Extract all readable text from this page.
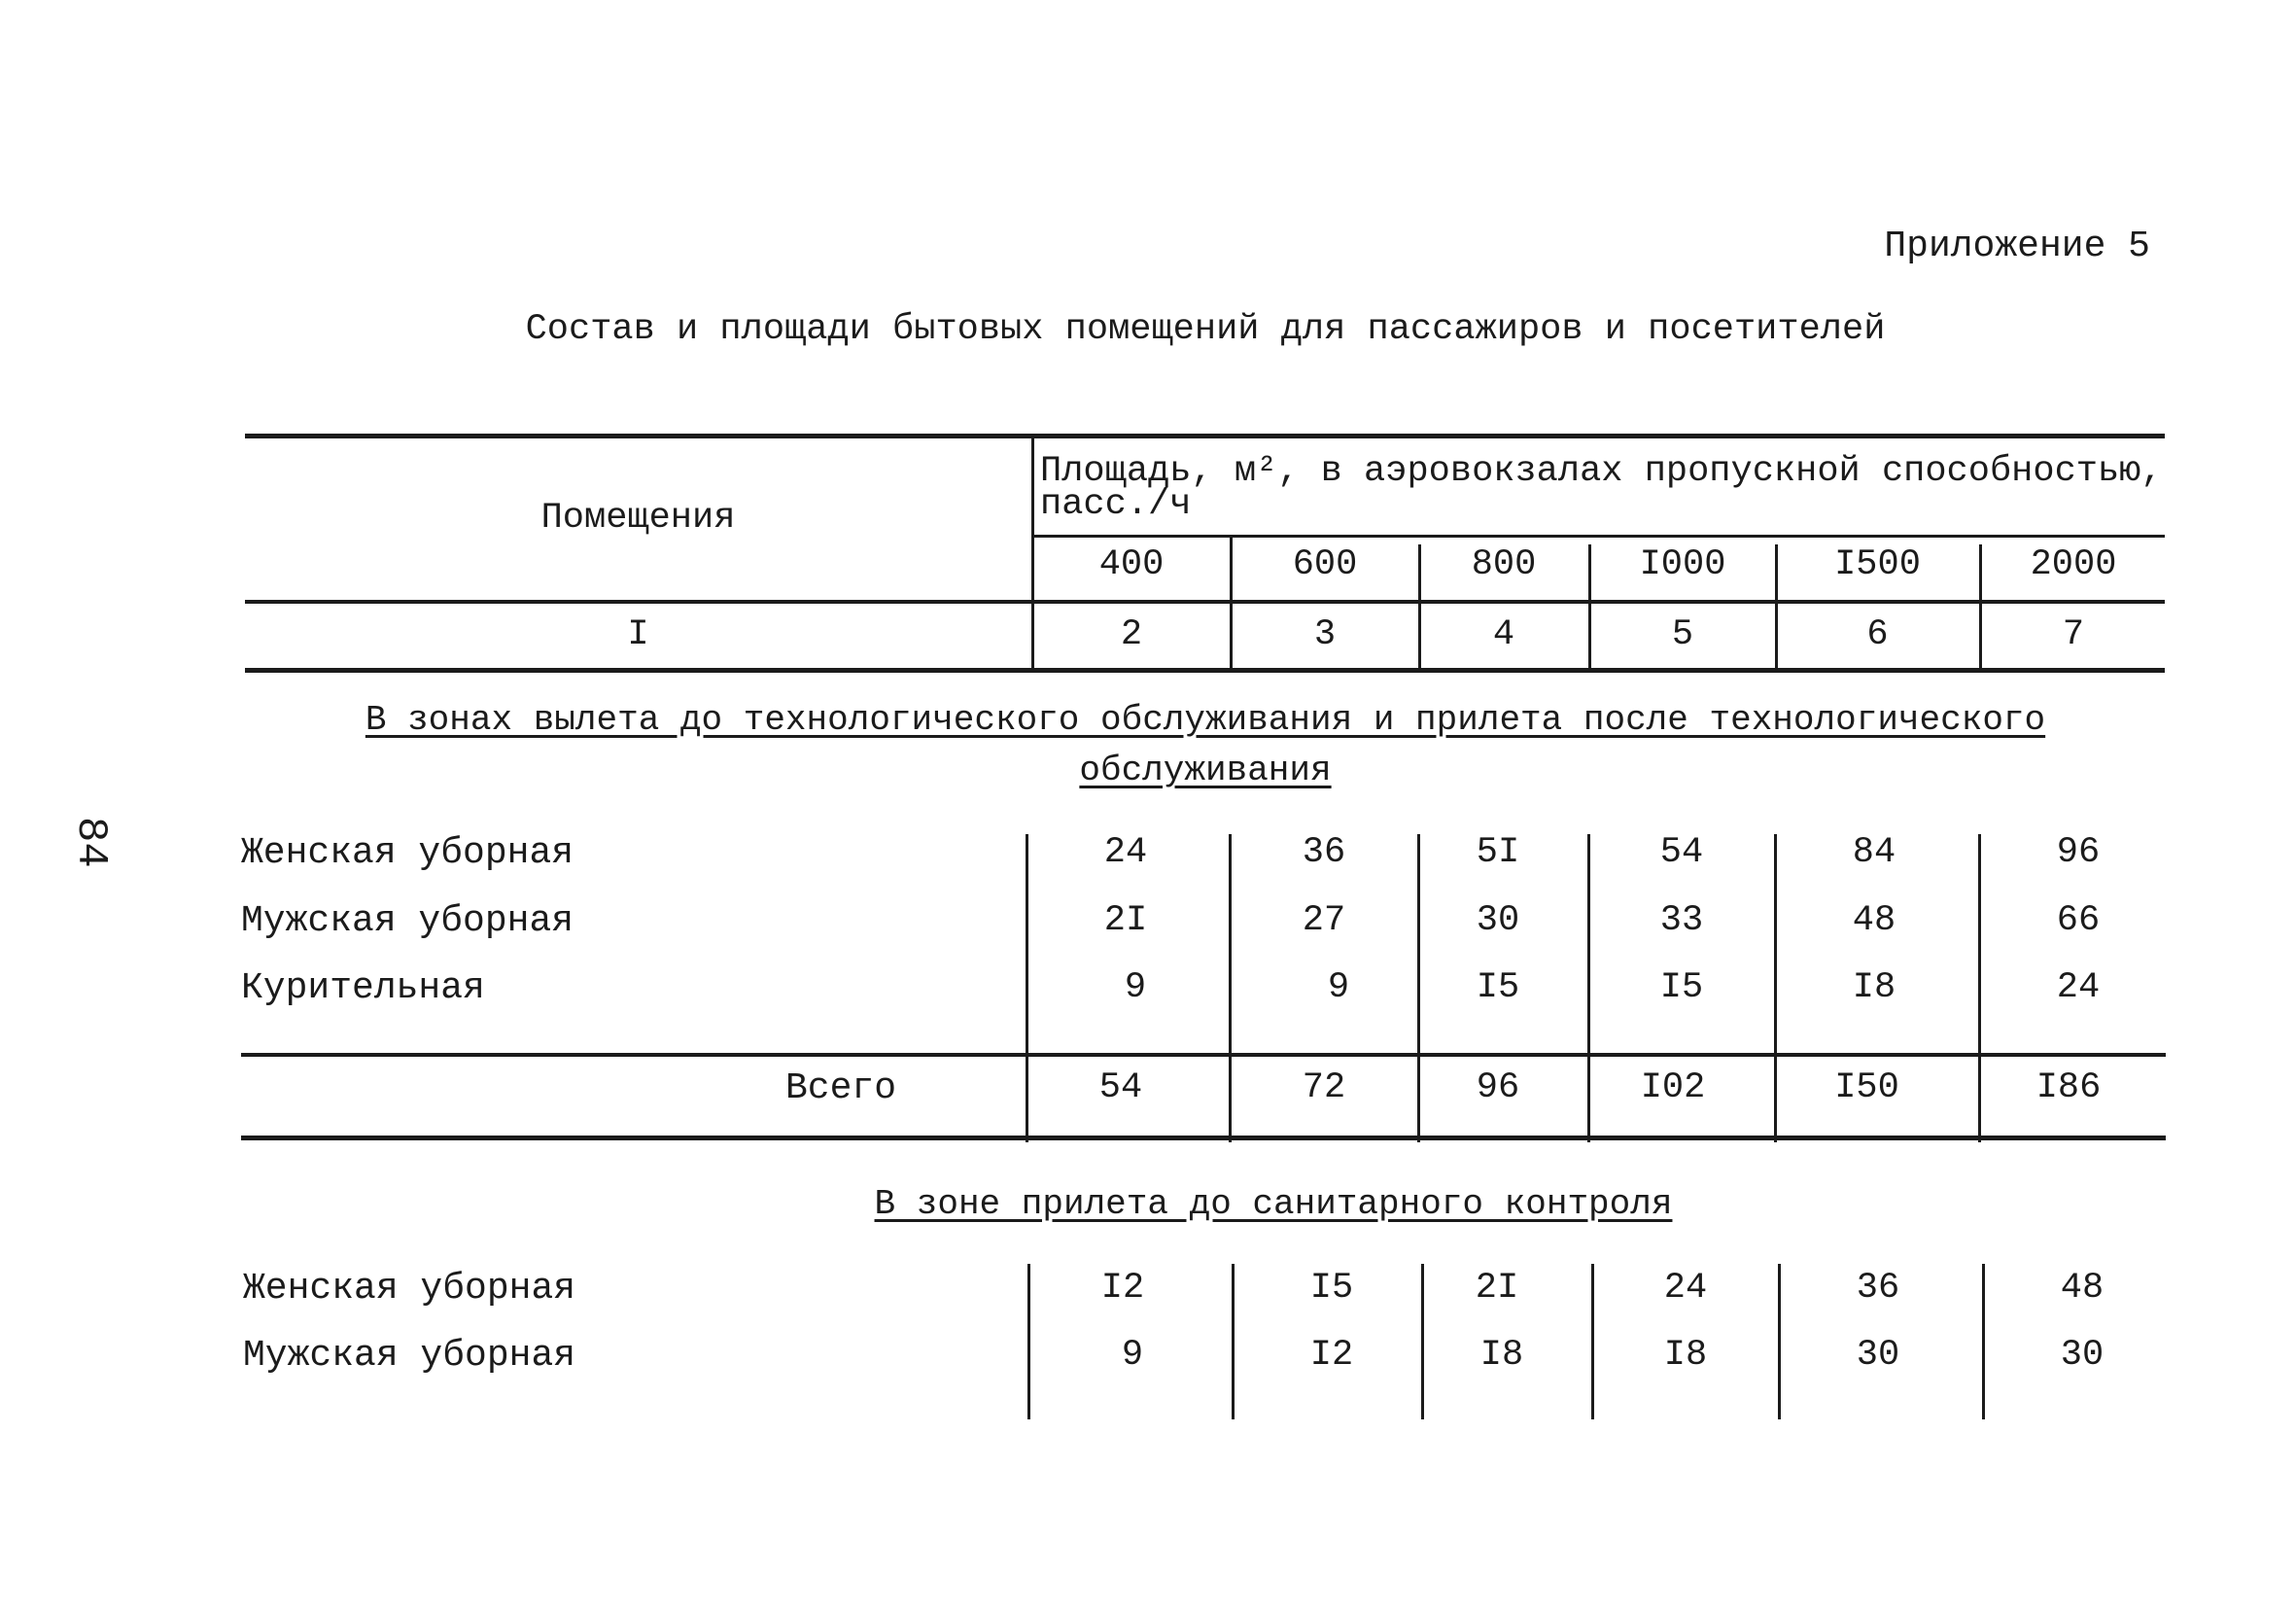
Приложение 5
Состав и площади бытовых помещений для пассажиров и посетителей
84
Помещения
Площадь, м², в аэровокзалах пропускной способностью,
пасс./ч
400	600	800	I000	I500	2000
I	2	3	4	5	6	7
В зонах вылета до технологического обслуживания и прилета после технологического
обслуживания
Женская уборная	24	36	5I	54	84	96
Мужская уборная	2I	27	30	33	48	66
Курительная	9	9	I5	I5	I8	24
Всего	54	72	96	I02	I50	I86
В зоне прилета до санитарного контроля
Женская уборная	I2	I5	2I	24	36	48
Мужская уборная	9	I2	I8	I8	30	30
